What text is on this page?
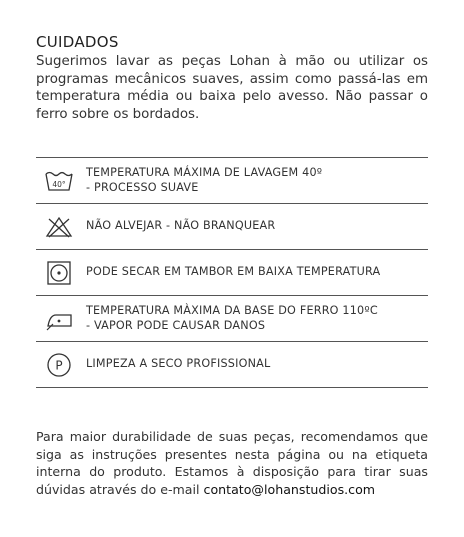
CUIDADOS
Sugerimos lavar as peças Lohan à mão ou utilizar os programas mecânicos suaves, assim como passá-las em temperatura média ou baixa pelo avesso. Não passar o ferro sobre os bordados.
40°
TEMPERATURA MÁXIMA DE LAVAGEM 40º
- PROCESSO SUAVE
NÃO ALVEJAR - NÃO BRANQUEAR
PODE SECAR EM TAMBOR EM BAIXA TEMPERATURA
TEMPERATURA MÀXIMA DA BASE DO FERRO 110ºC
- VAPOR PODE CAUSAR DANOS
P LIMPEZA A SECO PROFISSIONAL
Para maior durabilidade de suas peças, recomendamos que siga as instruções presentes nesta página ou na etiqueta interna do produto. Estamos à disposição para tirar suas dúvidas através do e-mail contato@lohanstudios.com
